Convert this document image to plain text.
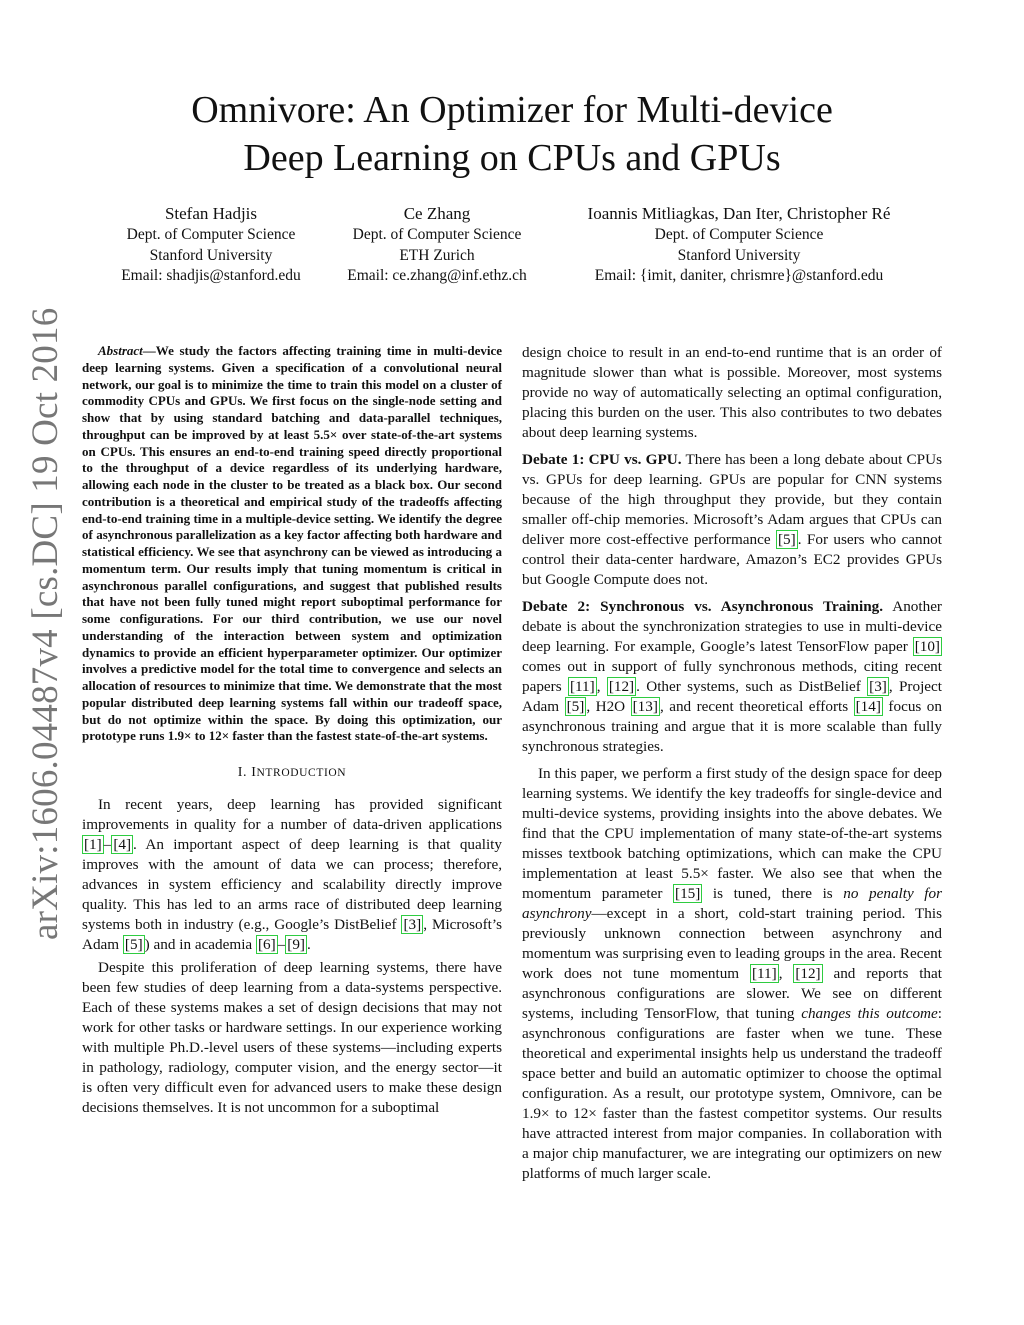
arXiv:1606.04487v4 [cs.DC] 19 Oct 2016
Omnivore: An Optimizer for Multi-device
Deep Learning on CPUs and GPUs
Stefan Hadjis
Dept. of Computer Science
Stanford University
Email: shadjis@stanford.edu
Ce Zhang
Dept. of Computer Science
ETH Zurich
Email: ce.zhang@inf.ethz.ch
Ioannis Mitliagkas, Dan Iter, Christopher Ré
Dept. of Computer Science
Stanford University
Email: {imit, daniter, chrismre}@stanford.edu

Abstract—We study the factors affecting training time in multi-device deep learning systems. Given a specification of a convolutional neural network, our goal is to minimize the time to train this model on a cluster of commodity CPUs and GPUs. We first focus on the single-node setting and show that by using standard batching and data-parallel techniques, throughput can be improved by at least 5.5× over state-of-the-art systems on CPUs. This ensures an end-to-end training speed directly proportional to the throughput of a device regardless of its underlying hardware, allowing each node in the cluster to be treated as a black box. Our second contribution is a theoretical and empirical study of the tradeoffs affecting end-to-end training time in a multiple-device setting. We identify the degree of asynchronous parallelization as a key factor affecting both hardware and statistical efficiency. We see that asynchrony can be viewed as introducing a momentum term. Our results imply that tuning momentum is critical in asynchronous parallel configurations, and suggest that published results that have not been fully tuned might report suboptimal performance for some configurations. For our third contribution, we use our novel understanding of the interaction between system and optimization dynamics to provide an efficient hyperparameter optimizer. Our optimizer involves a predictive model for the total time to convergence and selects an allocation of resources to minimize that time. We demonstrate that the most popular distributed deep learning systems fall within our tradeoff space, but do not optimize within the space. By doing this optimization, our prototype runs 1.9× to 12× faster than the fastest state-of-the-art systems.

I. INTRODUCTION

In recent years, deep learning has provided significant improvements in quality for a number of data-driven applications [1] – [4] . An important aspect of deep learning is that quality improves with the amount of data we can process; therefore, advances in system efficiency and scalability directly improve quality. This has led to an arms race of distributed deep learning systems both in industry (e.g., Google’s DistBelief [3] , Microsoft’s Adam [5] ) and in academia [6] – [9] .

Despite this proliferation of deep learning systems, there have been few studies of deep learning from a data-systems perspective. Each of these systems makes a set of design decisions that may not work for other tasks or hardware settings. In our experience working with multiple Ph.D.-level users of these systems—including experts in pathology, radiology, computer vision, and the energy sector—it is often very difficult even for advanced users to make these design decisions themselves. It is not uncommon for a suboptimal

design choice to result in an end-to-end runtime that is an order of magnitude slower than what is possible. Moreover, most systems provide no way of automatically selecting an optimal configuration, placing this burden on the user. This also contributes to two debates about deep learning systems.

Debate 1: CPU vs. GPU. There has been a long debate about CPUs vs. GPUs for deep learning. GPUs are popular for CNN systems because of the high throughput they provide, but they contain smaller off-chip memories. Microsoft’s Adam argues that CPUs can deliver more cost-effective performance [5] . For users who cannot control their data-center hardware, Amazon’s EC2 provides GPUs but Google Compute does not.

Debate 2: Synchronous vs. Asynchronous Training. Another debate is about the synchronization strategies to use in multi-device deep learning. For example, Google’s latest TensorFlow paper [10] comes out in support of fully synchronous methods, citing recent papers [11] , [12] . Other systems, such as DistBelief [3] , Project Adam [5] , H2O [13] , and recent theoretical efforts [14] focus on asynchronous training and argue that it is more scalable than fully synchronous strategies.

In this paper, we perform a first study of the design space for deep learning systems. We identify the key tradeoffs for single-device and multi-device systems, providing insights into the above debates. We find that the CPU implementation of many state-of-the-art systems misses textbook batching optimizations, which can make the CPU implementation at least 5.5× faster. We also see that when the momentum parameter [15] is tuned, there is no penalty for asynchrony—except in a short, cold-start training period. This previously unknown connection between asynchrony and momentum was surprising even to leading groups in the area. Recent work does not tune momentum [11] , [12] and reports that asynchronous configurations are slower. We see on different systems, including TensorFlow, that tuning changes this outcome: asynchronous configurations are faster when we tune. These theoretical and experimental insights help us understand the tradeoff space better and build an automatic optimizer to choose the optimal configuration. As a result, our prototype system, Omnivore, can be 1.9× to 12× faster than the fastest competitor systems. Our results have attracted interest from major companies. In collaboration with a major chip manufacturer, we are integrating our optimizers on new platforms of much larger scale.
